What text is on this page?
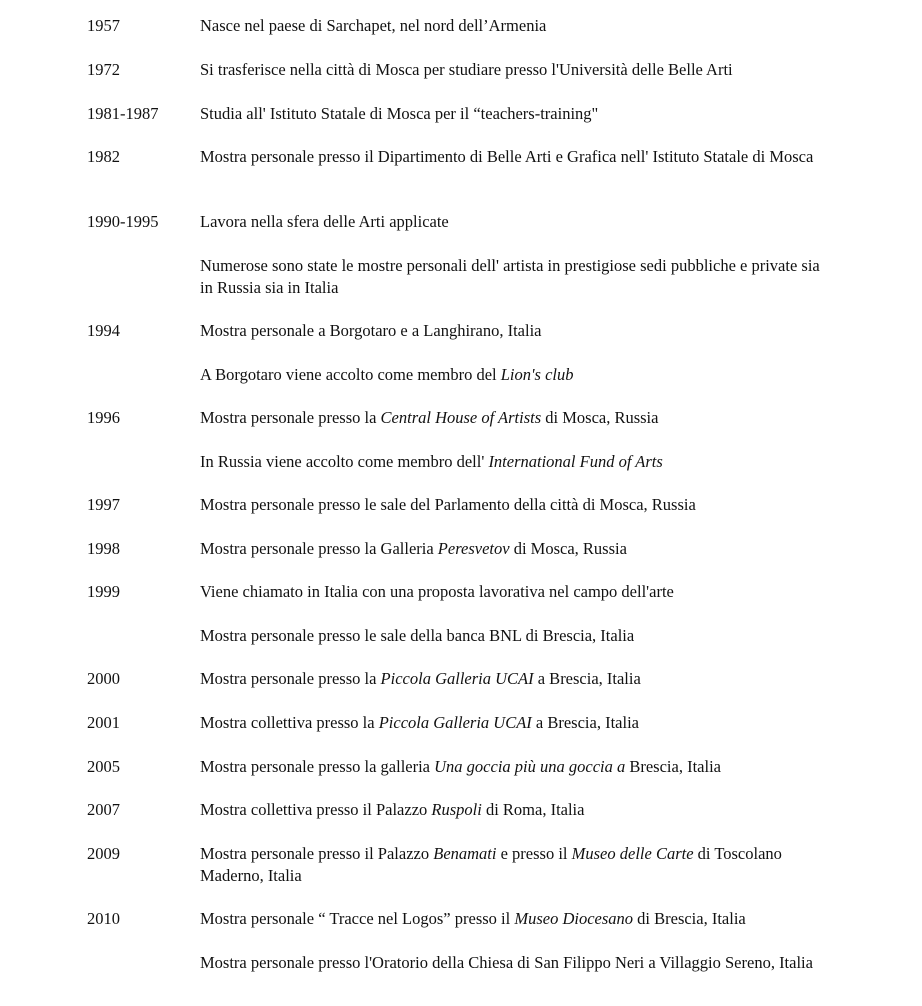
1957	Nasce nel paese di Sarchapet, nel nord dell’Armenia
1972	Si trasferisce nella città di Mosca per studiare presso l'Università delle Belle Arti
1981-1987	Studia all' Istituto Statale di Mosca per il “teachers-training"
1982	Mostra personale presso il Dipartimento di Belle Arti e Grafica nell' Istituto Statale di Mosca
1990-1995	Lavora nella sfera delle Arti applicate
Numerose sono state le mostre personali dell' artista in prestigiose sedi pubbliche e private sia in Russia sia in Italia
1994	Mostra personale a Borgotaro e a Langhirano, Italia
A Borgotaro viene accolto come membro del Lion's club
1996	Mostra personale presso la Central House of Artists di Mosca, Russia
In Russia viene accolto come membro dell' International Fund of Arts
1997	Mostra personale presso le sale del Parlamento della città di Mosca, Russia
1998	Mostra personale presso la Galleria Peresvetov di Mosca, Russia
1999	Viene chiamato in Italia con una proposta lavorativa nel campo dell'arte
Mostra personale presso le sale della banca BNL di Brescia, Italia
2000	Mostra personale presso la Piccola Galleria UCAI a Brescia, Italia
2001	Mostra collettiva presso la Piccola Galleria UCAI a Brescia, Italia
2005	Mostra personale presso la galleria Una goccia più una goccia a Brescia, Italia
2007	Mostra collettiva presso il Palazzo Ruspoli di Roma, Italia
2009	Mostra personale presso il Palazzo Benamati e presso il Museo delle Carte di Toscolano Maderno, Italia
2010	Mostra personale “ Tracce nel Logos” presso il Museo Diocesano di Brescia, Italia
Mostra personale presso l'Oratorio della Chiesa di San Filippo Neri a Villaggio Sereno, Italia
